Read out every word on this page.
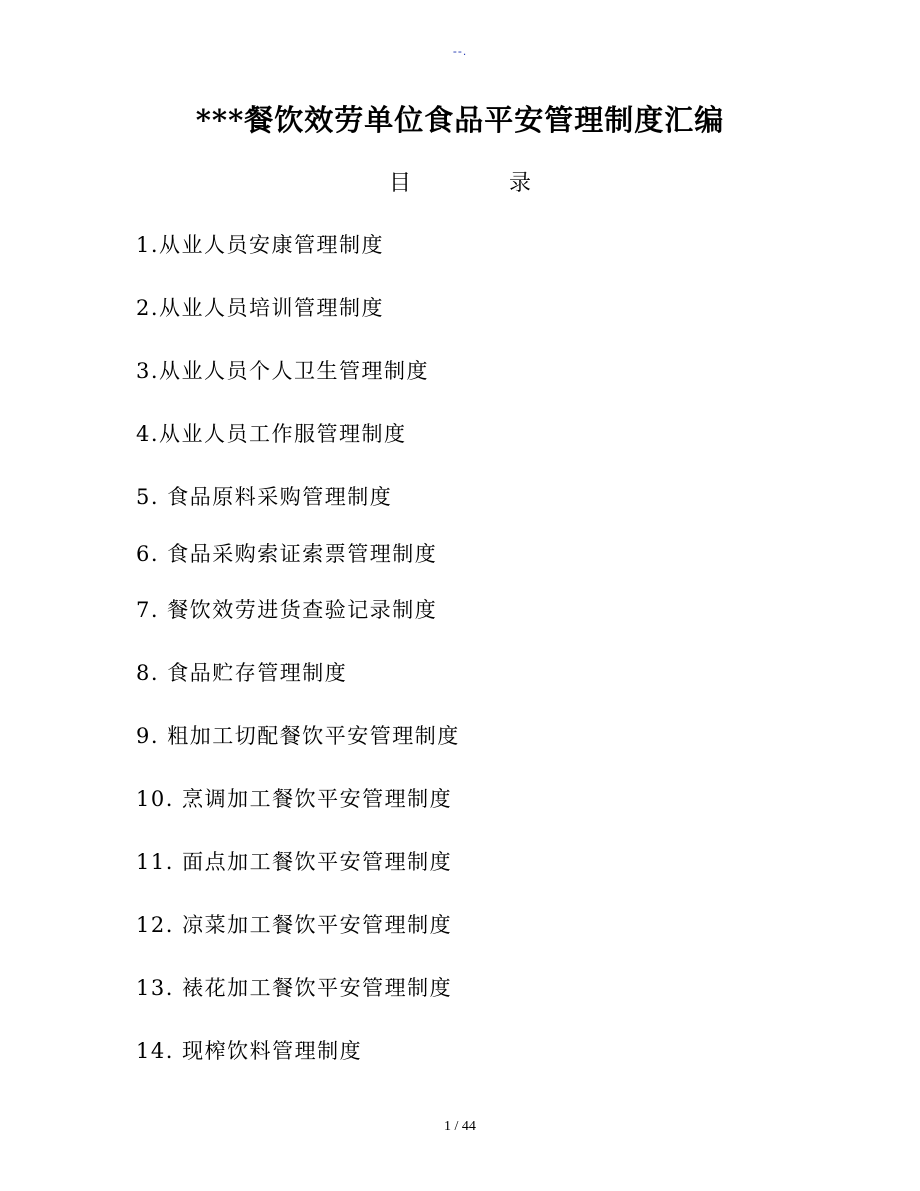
--.
***餐饮效劳单位食品平安管理制度汇编
目	录
1.从业人员安康管理制度
2.从业人员培训管理制度
3.从业人员个人卫生管理制度
4.从业人员工作服管理制度
5. 食品原料采购管理制度
6. 食品采购索证索票管理制度
7. 餐饮效劳进货查验记录制度
8. 食品贮存管理制度
9. 粗加工切配餐饮平安管理制度
10. 烹调加工餐饮平安管理制度
11. 面点加工餐饮平安管理制度
12. 凉菜加工餐饮平安管理制度
13. 裱花加工餐饮平安管理制度
14. 现榨饮料管理制度
1 / 44
